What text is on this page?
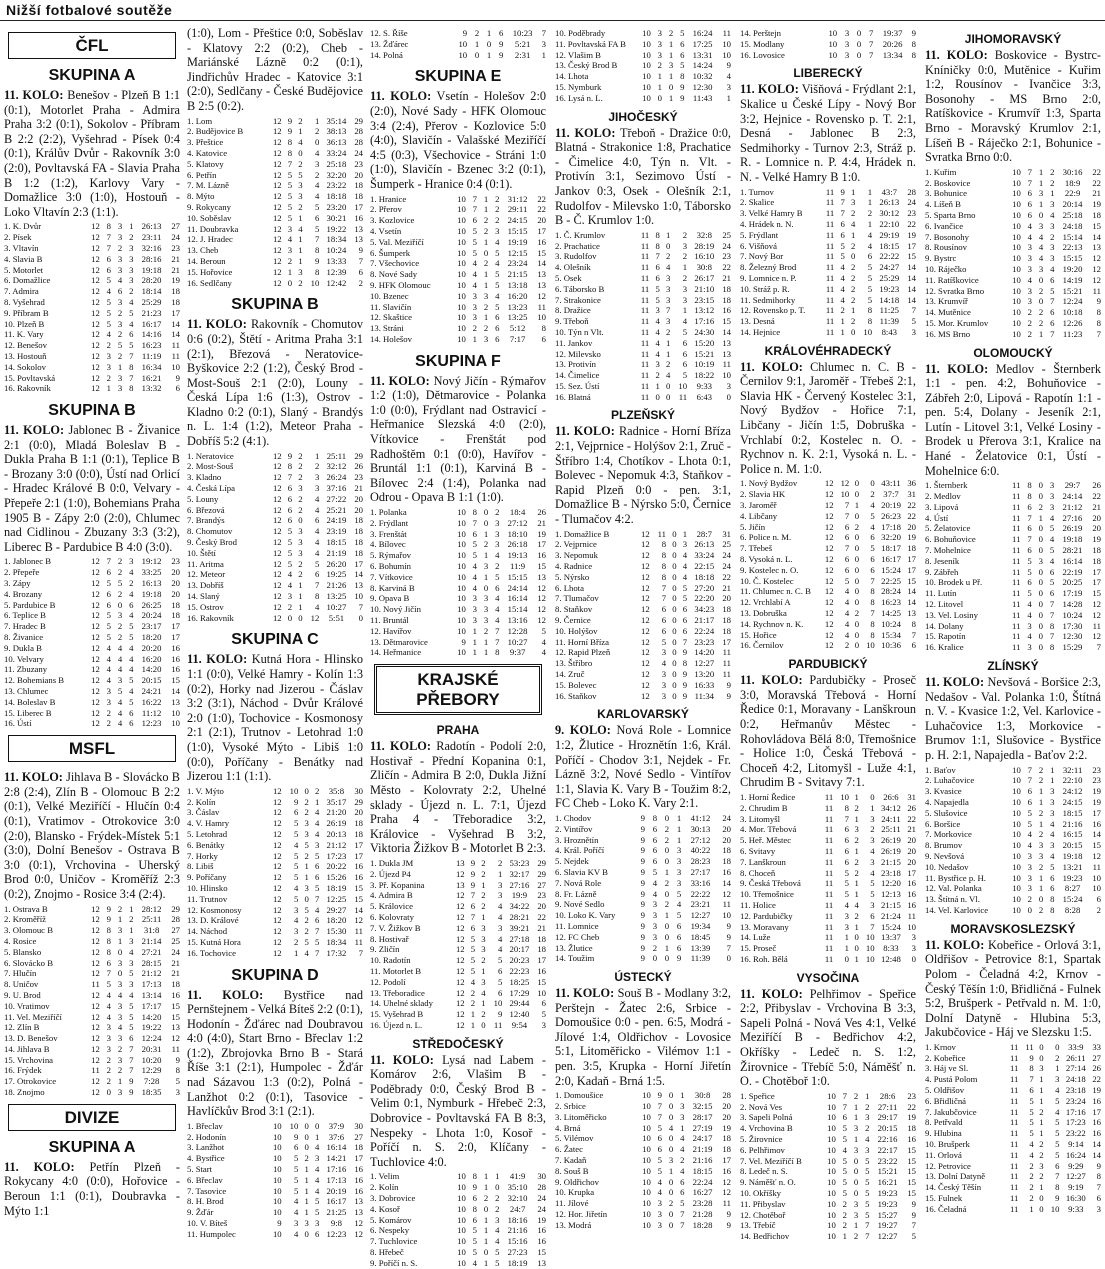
Nižší fotbalové soutěže
ČFL
SKUPINA A
11. KOLO: Benešov - Plzeň B 1:1 (0:1), Motorlet Praha - Admira Praha 3:2 (0:1), Sokolov - Příbram B 2:2 (2:2), Vyšehrad - Písek 0:4 (0:1), Králův Dvůr - Rakovník 3:0 (2:0), Povltavská FA - Slavia Praha B 1:2 (1:2), Karlovy Vary - Domažlice 3:0 (1:0), Hostouň - Loko Vltavín 2:3 (1:1).
1. K. Dvůr	12	8	3	1	26:13	27
2. Písek	12	7	3	2	23:11	24
3. Vltavín	12	7	2	3	32:16	23
4. Slavia B	12	6	3	3	28:16	21
5. Motorlet	12	6	3	3	19:18	21
6. Domažlice	12	5	4	3	28:20	19
7. Admira	12	4	6	2	18:14	18
8. Vyšehrad	12	5	3	4	25:29	18
9. Příbram B	12	5	2	5	21:23	17
10. Plzeň B	12	5	3	4	16:17	14
11. K. Vary	12	4	2	6	14:16	14
12. Benešov	12	2	5	5	16:23	11
13. Hostouň	12	3	2	7	11:19	11
14. Sokolov	12	3	1	8	16:34	10
15. Povltavská	12	2	3	7	16:21	9
16. Rakovník	12	1	3	8	13:32	6
SKUPINA B
11. KOLO: Jablonec B - Živanice 2:1 (0:0), Mladá Boleslav B - Dukla Praha B 1:1 (0:1), Teplice B - Brozany 3:0 (0:0), Ústí nad Orlicí - Hradec Králové B 0:0, Velvary - Přepeře 2:1 (1:0), Bohemians Praha 1905 B - Zápy 2:0 (2:0), Chlumec nad Cidlinou - Zbuzany 3:3 (3:2), Liberec B - Pardubice B 4:0 (3:0).
1. Jablonec B	12	7	2	3	19:12	23
2. Přepeře	12	6	2	4	33:25	20
3. Zápy	12	5	5	2	16:13	20
4. Brozany	12	6	2	4	19:18	20
5. Pardubice B	12	6	0	6	26:25	18
6. Teplice B	12	5	3	4	20:24	18
7. Hradec B	12	5	2	5	23:17	17
8. Živanice	12	5	2	5	18:20	17
9. Dukla B	12	4	4	4	20:20	16
10. Velvary	12	4	4	4	16:20	16
11. Zbuzany	12	4	4	4	14:20	16
12. Bohemians B	12	4	3	5	20:15	15
13. Chlumec	12	3	5	4	24:21	14
14. Boleslav B	12	3	4	5	16:22	13
15. Liberec B	12	2	4	6	11:12	10
16. Ústí	12	2	4	6	12:23	10
MSFL
11. KOLO: Jihlava B - Slovácko B 2:8 (2:4), Zlín B - Olomouc B 2:2 (0:1), Velké Meziříčí - Hlučín 0:4 (0:1), Vratimov - Otrokovice 3:0 (2:0), Blansko - Frýdek-Místek 5:1 (3:0), Dolní Benešov - Ostrava B 3:0 (0:1), Vrchovina - Uherský Brod 0:0, Uničov - Kroměříž 2:3 (0:2), Znojmo - Rosice 3:4 (2:4).
1. Ostrava B	12	9	2	1	28:12	29
2. Kroměříž	12	9	1	2	25:11	28
3. Olomouc B	12	8	3	1	31:8	27
4. Rosice	12	8	1	3	21:14	25
5. Blansko	12	8	0	4	27:21	24
6. Slovácko B	12	6	3	3	28:15	21
7. Hlučín	12	7	0	5	21:12	21
8. Uničov	11	5	3	3	17:13	18
9. U. Brod	12	4	4	4	13:14	16
10. Vratimov	12	4	3	5	17:17	15
11. Vel. Meziříčí	12	4	3	5	14:20	15
12. Zlín B	12	3	4	5	19:22	13
13. D. Benešov	12	3	3	6	12:24	12
14. Jihlava B	12	3	2	7	20:31	11
15. Vrchovina	12	2	3	7	10:20	9
16. Frýdek	11	2	2	7	12:29	8
17. Otrokovice	12	2	1	9	7:28	5
18. Znojmo	12	0	3	9	18:35	3
DIVIZE
SKUPINA A
11. KOLO: Petřín Plzeň - Rokycany 4:0 (0:0), Hořovice - Beroun 1:1 (0:1), Doubravka - Mýto 1:1
(1:0), Lom - Přeštice 0:0, Soběslav - Klatovy 2:2 (0:2), Cheb - Mariánské Lázně 0:2 (0:1), Jindřichův Hradec - Katovice 3:1 (2:0), Sedlčany - České Budějovice B 2:5 (0:2).
1. Lom	12	9	2	1	35:14	29
2. Budějovice B	12	9	1	2	38:13	28
3. Přeštice	12	8	4	0	36:13	28
4. Katovice	12	8	0	4	33:24	24
5. Klatovy	12	7	2	3	25:18	23
6. Petřín	12	5	5	2	32:20	20
7. M. Lázně	12	5	3	4	23:22	18
8. Mýto	12	5	3	4	18:18	18
9. Rokycany	12	5	2	5	23:20	17
10. Soběslav	12	5	1	6	30:21	16
11. Doubravka	12	3	4	5	19:22	13
12. J. Hradec	12	4	1	7	18:34	13
13. Cheb	12	3	1	8	10:24	9
14. Beroun	12	2	1	9	13:33	7
15. Hořovice	12	1	3	8	12:39	6
16. Sedlčany	12	0	2	10	12:42	2
SKUPINA B
11. KOLO: Rakovník - Chomutov 0:6 (0:2), Štětí - Aritma Praha 3:1 (2:1), Březová - Neratovice-Byškovice 2:2 (1:2), Český Brod - Most-Souš 2:1 (2:0), Louny - Česká Lípa 1:6 (1:3), Ostrov - Kladno 0:2 (0:1), Slaný - Brandýs n. L. 1:4 (1:2), Meteor Praha - Dobříš 5:2 (4:1).
1. Neratovice	12	9	2	1	25:11	29
2. Most-Souš	12	8	2	2	32:12	26
3. Kladno	12	7	2	3	26:24	23
4. Česká Lípa	12	6	3	3	37:16	21
5. Louny	12	6	2	4	27:22	20
6. Březová	12	6	2	4	25:21	20
7. Brandýs	12	6	0	6	24:19	18
8. Chomutov	12	5	3	4	23:19	18
9. Český Brod	12	5	3	4	18:15	18
10. Štětí	12	5	3	4	21:19	18
11. Aritma	12	5	2	5	26:20	17
12. Meteor	12	4	2	6	19:25	14
13. Dobříš	12	4	1	7	21:26	13
14. Slaný	12	3	1	8	13:25	10
15. Ostrov	12	2	1	4	10:27	7
16. Rakovník	12	0	0	12	5:51	0
SKUPINA C
11. KOLO: Kutná Hora - Hlinsko 1:1 (0:0), Velké Hamry - Kolín 1:3 (0:2), Horky nad Jizerou - Čáslav 3:2 (3:1), Náchod - Dvůr Králové 2:0 (1:0), Tochovice - Kosmonosy 2:1 (2:1), Trutnov - Letohrad 1:0 (1:0), Vysoké Mýto - Libiš 1:0 (0:0), Poříčany - Benátky nad Jizerou 1:1 (1:1).
1. V. Mýto	12	10	0	2	35:8	30
2. Kolín	12	9	2	1	35:17	29
3. Čáslav	12	6	2	4	21:20	20
4. V. Hamry	12	5	3	4	26:19	18
5. Letohrad	12	5	3	4	20:13	18
6. Benátky	12	4	5	3	21:12	17
7. Horky	12	5	2	5	17:23	17
8. Libiš	12	5	1	6	20:22	16
9. Poříčany	12	5	1	6	15:26	16
10. Hlinsko	12	4	3	5	18:19	15
11. Trutnov	12	5	0	7	12:25	15
12. Kosmonosy	12	3	5	4	29:27	14
13. D. Králové	12	4	2	6	18:20	12
14. Náchod	12	3	2	7	15:30	11
15. Kutná Hora	12	2	5	5	18:34	11
16. Tochovice	12	1	4	7	17:32	7
SKUPINA D
11. KOLO: Bystřice nad Pernštejnem - Velká Bíteš 2:2 (0:1), Hodonín - Žďárec nad Doubravou 4:0 (4:0), Start Brno - Břeclav 1:2 (1:2), Zbrojovka Brno B - Stará Říše 3:1 (2:1), Humpolec - Žďár nad Sázavou 1:3 (0:2), Polná - Lanžhot 0:2 (0:1), Tasovice - Havlíčkův Brod 3:1 (2:1).
1. Břeclav	10	10	0	0	37:9	30
2. Hodonín	10	9	0	1	37:6	27
3. Lanžhot	10	6	0	4	16:14	18
4. Bystřice	10	5	2	3	14:21	17
5. Start	10	5	1	4	17:16	16
6. Břeclav	10	5	1	4	17:13	16
7. Tasovice	10	5	1	4	20:19	16
8. H. Brod	10	4	1	5	16:17	13
9. Žďár	10	4	1	5	21:25	13
10. V. Bíteš	9	3	3	3	9:8	12
11. Humpolec	10	4	0	6	12:23	12
12. S. Říše	9	2	1	6	10:23	7
13. Žďárec	10	1	0	9	5:21	3
14. Polná	10	0	1	9	2:31	1
SKUPINA E
11. KOLO: Vsetín - Holešov 2:0 (2:0), Nové Sady - HFK Olomouc 3:4 (2:4), Přerov - Kozlovice 5:0 (4:0), Slavičín - Valašské Meziříčí 4:5 (0:3), Všechovice - Stráni 1:0 (1:0), Slavičín - Bzenec 3:2 (0:1), Šumperk - Hranice 0:4 (0:1).
1. Hranice	10	7	1	2	31:12	22
2. Přerov	10	7	1	2	29:11	22
3. Kozlovice	10	6	2	2	24:15	20
4. Vsetín	10	5	2	3	15:15	17
5. Val. Meziříčí	10	5	1	4	19:19	16
6. Šumperk	10	5	0	5	12:15	15
7. Všechovice	10	4	2	4	23:24	14
8. Nové Sady	10	4	1	5	21:15	13
9. HFK Olomouc	10	4	1	5	13:18	13
10. Bzenec	10	3	3	4	16:20	12
11. Slavičín	10	3	2	5	13:23	11
12. Skaštice	10	3	1	6	13:25	10
13. Stráni	10	2	2	6	5:12	8
14. Holešov	10	1	3	6	7:17	6
SKUPINA F
11. KOLO: Nový Jičín - Rýmařov 1:2 (1:0), Dětmarovice - Polanka 1:0 (0:0), Frýdlant nad Ostravicí - Heřmanice Slezská 4:0 (2:0), Vítkovice - Frenštát pod Radhoštěm 0:1 (0:0), Havířov - Bruntál 1:1 (0:1), Karviná B - Bílovec 2:4 (1:4), Polanka nad Odrou - Opava B 1:1 (1:0).
1. Polanka	10	8	0	2	18:4	26
2. Frýdlant	10	7	0	3	27:12	21
3. Frenštát	10	6	1	3	18:10	19
4. Bílovec	10	5	2	3	26:18	17
5. Rýmařov	10	5	1	4	19:13	16
6. Bohumín	10	4	3	2	11:9	15
7. Vítkovice	10	4	1	5	15:15	13
8. Karviná B	10	4	0	6	24:14	12
9. Opava B	10	3	3	4	16:14	12
10. Nový Jičín	10	3	3	4	15:14	12
11. Bruntál	10	3	3	4	13:16	12
12. Havířov	10	1	2	7	12:28	5
13. Dětmarovice	9	1	1	7	10:27	4
14. Heřmanice	10	1	1	8	9:37	4
KRAJSKÉ PŘEBORY
PRAHA
11. KOLO: Radotín - Podolí 2:0, Hostivař - Přední Kopanina 0:1, Zličín - Admira B 2:0, Dukla Jižní Město - Kolovraty 2:2, Uhelné sklady - Újezd n. L. 7:1, Újezd Praha 4 - Třeboradice 3:2, Královice - Vyšehrad B 3:2, Viktoria Žižkov B - Motorlet B 2:3.
1. Dukla JM	13	9	2	2	53:23	29
2. Újezd P4	12	9	2	1	32:17	29
3. Př. Kopanina	13	9	1	3	27:16	27
4. Admira B	12	7	2	3	19:9	23
5. Královice	12	6	2	4	34:22	20
6. Kolovraty	12	7	1	4	28:21	22
7. V. Žižkov B	12	6	3	3	39:21	21
8. Hostivař	12	5	3	4	27:18	18
9. Zličín	12	5	3	4	20:17	18
10. Radotín	12	5	2	5	20:23	17
11. Motorlet B	12	5	1	6	22:23	16
12. Podolí	12	4	3	5	18:25	15
13. Třeboradice	12	2	4	6	17:29	10
14. Uhelné sklady	12	2	1	10	29:44	6
15. Vyšehrad B	12	1	2	9	12:40	5
16. Újezd n. L.	12	1	0	11	9:54	3
STŘEDOČESKÝ
11. KOLO: Lysá nad Labem - Komárov 2:6, Vlašim B - Poděbrady 0:0, Český Brod B - Velim 0:1, Nymburk - Hřebeč 2:3, Dobrovice - Povltavská FA B 8:3, Nespeky - Lhota 1:0, Kosoř - Poříčí n. S. 2:0, Klíčany - Tuchlovice 4:0.
1. Velim	10	8	1	1	41:9	30
2. Kolín	10	9	1	0	35:10	28
3. Dobrovice	10	6	2	2	32:10	24
4. Kosoř	10	8	0	2	24:7	24
5. Komárov	10	6	1	3	18:16	19
6. Nespeky	10	5	1	4	21:16	16
7. Tuchlovice	10	5	1	4	15:16	16
8. Hřebeč	10	5	0	5	27:23	15
9. Poříčí n. S.	10	4	1	5	18:19	13
10. Poděbrady	10	3	2	5	16:24	11
11. Povltavská FA B	10	3	1	6	17:25	10
12. Vlašim B	10	3	1	6	13:31	10
13. Český Brod B	10	2	3	5	14:24	9
14. Lhota	10	1	1	8	10:32	4
15. Nymburk	10	1	0	9	12:30	3
16. Lysá n. L.	10	0	1	9	11:43	1
JIHOČESKÝ
11. KOLO: Třeboň - Dražice 0:0, Blatná - Strakonice 1:8, Prachatice - Čimelice 4:0, Týn n. Vlt. - Protivín 3:1, Sezimovo Ústí - Jankov 0:3, Osek - Olešník 2:1, Rudolfov - Milevsko 1:0, Táborsko B - Č. Krumlov 1:0.
1. Č. Krumlov	11	8	1	2	32:8	25
2. Prachatice	11	8	0	3	28:19	24
3. Rudolfov	11	7	2	2	16:10	23
4. Olešník	11	6	4	1	30:8	22
5. Osek	11	6	3	2	26:17	21
6. Táborsko B	11	5	3	3	21:10	18
7. Strakonice	11	5	3	3	23:15	18
8. Dražice	11	3	7	1	13:12	16
9. Třeboň	11	4	3	4	17:16	15
10. Týn n Vlt.	11	4	2	5	24:30	14
11. Jankov	11	4	1	6	15:20	13
12. Milevsko	11	4	1	6	15:21	13
13. Protivín	11	3	2	6	10:19	11
14. Čimelice	11	2	4	5	18:22	10
15. Sez. Ústí	11	1	0	10	9:33	3
16. Blatná	11	0	0	11	6:43	0
PLZEŇSKÝ
11. KOLO: Radnice - Horní Bříza 2:1, Vejprnice - Holýšov 2:1, Zruč - Štříbro 1:4, Chotíkov - Lhota 0:1, Bolevec - Nepomuk 4:3, Staňkov - Rapid Plzeň 0:0 - pen. 3:1, Domažlice B - Nýrsko 5:0, Černice - Tlumačov 4:2.
1. Domažlice B	12	11	0	1	28:7	31
2. Vejprnice	12	8	0	3	26:13	25
3. Nepomuk	12	8	0	4	33:24	24
4. Radnice	12	8	0	4	22:15	24
5. Nýrsko	12	8	0	4	18:18	22
6. Lhota	12	7	0	5	27:20	21
7. Tlumačov	12	7	0	5	22:20	20
8. Staňkov	12	6	0	6	34:23	18
9. Černice	12	6	0	6	21:17	18
10. Holýšov	12	6	0	6	22:24	18
11. Horní Bříza	12	5	0	7	23:23	17
12. Rapid Plzeň	12	3	0	9	14:20	11
13. Štříbro	12	4	0	8	12:27	11
14. Zruč	12	3	0	9	13:20	11
15. Bolevec	12	3	0	9	16:33	9
16. Staňkov	12	3	0	9	11:34	9
KARLOVARSKÝ
9. KOLO: Nová Role - Lomnice 1:2, Žlutice - Hroznětín 1:6, Král. Poříčí - Chodov 3:1, Nejdek - Fr. Lázně 3:2, Nové Sedlo - Vintířov 1:1, Slavia K. Vary B - Toužim 8:2, FC Cheb - Loko K. Vary 2:1.
1. Chodov	9	8	0	1	41:12	24
2. Vintířov	9	6	2	1	30:13	20
3. Hroznětín	9	6	2	1	27:12	20
4. Král. Poříčí	9	6	0	3	40:22	18
5. Nejdek	9	6	0	3	28:23	18
6. Slavia KV B	9	5	1	3	27:17	16
7. Nová Role	9	4	2	3	33:16	14
8. Fr. Lázně	9	4	0	5	22:22	12
9. Nové Sedlo	9	3	2	4	23:21	11
10. Loko K. Vary	9	3	1	5	12:27	10
11. Lomnice	9	3	0	6	19:34	9
12. FC Cheb	9	3	0	6	18:45	9
13. Žlutice	9	2	1	6	13:39	7
14. Toužim	9	0	0	9	11:39	0
ÚSTECKÝ
11. KOLO: Souš B - Modlany 3:2, Perštejn - Žatec 2:6, Srbice - Domoušice 0:0 - pen. 6:5, Modrá - Jílové 1:4, Oldřichov - Lovosice 5:1, Litoměřicko - Vilémov 1:1 - pen. 3:5, Krupka - Horní Jiřetín 2:0, Kadaň - Brná 1:5.
1. Domoušice	10	9	0	1	30:8	28
2. Srbice	10	7	0	3	32:15	20
3. Litoměřicko	10	7	0	3	28:17	20
4. Brná	10	5	4	1	27:19	19
5. Vilémov	10	6	0	4	24:17	18
6. Žatec	10	6	0	4	21:19	18
7. Kadaň	10	5	3	2	21:16	17
8. Souš B	10	5	1	4	18:15	16
9. Oldřichov	10	4	0	6	22:24	12
10. Krupka	10	4	0	6	16:27	12
11. Jílové	10	3	2	5	23:28	11
12. Hor. Jiřetín	10	3	0	7	21:28	9
13. Modrá	10	3	0	7	18:28	9
14. Perštejn	10	3	0	7	19:37	9
15. Modlany	10	3	0	7	20:26	8
16. Lovosice	10	3	0	7	13:34	8
LIBERECKÝ
11. KOLO: Višňová - Frýdlant 2:1, Skalice u České Lípy - Nový Bor 3:2, Hejnice - Rovensko p. T. 2:1, Desná - Jablonec B 2:3, Sedmihorky - Turnov 2:3, Stráž p. R. - Lomnice n. P. 4:4, Hrádek n. N. - Velké Hamry B 1:0.
1. Turnov	11	9	1	1	43:7	28
2. Skalice	11	7	3	1	26:13	24
3. Velké Hamry B	11	7	2	2	30:12	23
4. Hrádek n. N.	11	6	4	1	22:10	22
5. Frýdlant	11	6	1	4	29:19	19
6. Višňová	11	5	2	4	18:15	17
7. Nový Bor	11	5	0	6	22:22	15
8. Železný Brod	11	4	2	5	24:27	14
9. Lomnice n. P.	11	4	2	5	25:29	14
10. Stráž p. R.	11	4	2	5	19:23	14
11. Sedmihorky	11	4	2	5	14:18	14
12. Rovensko p. T.	11	2	1	8	11:25	7
13. Desná	11	1	2	8	11:39	5
14. Hejnice	11	1	0	10	8:43	3
KRÁLOVÉHRADECKÝ
11. KOLO: Chlumec n. C. B - Černilov 9:1, Jaroměř - Třebeš 2:1, Slavia HK - Červený Kostelec 3:1, Nový Bydžov - Hořice 7:1, Libčany - Jičín 1:5, Dobruška - Vrchlabí 0:2, Kostelec n. O. - Rychnov n. K. 2:1, Vysoká n. L. - Police n. M. 1:0.
1. Nový Bydžov	12	12	0	0	43:11	36
2. Slavia HK	12	10	0	2	37:7	31
3. Jaroměř	12	7	1	4	20:19	22
4. Libčany	12	7	0	5	26:23	22
5. Jičín	12	6	2	4	17:18	20
6. Police n. M.	12	6	0	6	32:20	19
7. Třebeš	12	7	0	5	18:17	18
8. Vysoká n. L.	12	6	0	6	16:17	17
9. Kostelec n. O.	12	6	0	6	15:24	17
10. Č. Kostelec	12	5	0	7	22:25	15
11. Chlumec n. C. B	12	4	0	8	28:24	14
12. Vrchlabí A	12	4	0	8	16:23	14
13. Dobruška	12	4	2	7	14:25	13
14. Rychnov n. K.	12	4	0	8	10:24	8
15. Hořice	12	4	0	8	15:34	7
16. Černilov	12	2	0	10	10:36	6
PARDUBICKÝ
11. KOLO: Pardubičky - Proseč 3:0, Moravská Třebová - Horní Ředice 0:1, Moravany - Lanškroun 0:2, Heřmanův Městec - Rohovládova Bělá 8:0, Třemošnice - Holice 1:0, Česká Třebová - Choceň 4:2, Litomyšl - Luže 4:1, Chrudim B - Svitavy 7:1.
1. Horní Ředice	11	10	1	0	26:6	31
2. Chrudim B	11	8	2	1	34:12	26
3. Litomyšl	11	7	1	3	24:11	22
4. Mor. Třebová	11	6	3	2	25:11	21
5. Heř. Městec	11	6	2	3	26:19	20
6. Svitavy	11	6	1	4	26:19	20
7. Lanškroun	11	6	2	3	21:15	20
8. Choceň	11	5	2	4	23:18	17
9. Česká Třebová	11	5	1	5	12:20	16
10. Třemošnice	11	5	1	5	12:13	16
11. Holice	11	4	4	3	21:15	16
12. Pardubičky	11	3	2	6	21:24	11
13. Moravany	11	3	1	7	15:24	10
14. Luže	11	1	0	10	13:37	3
15. Proseč	11	1	0	10	8:33	3
16. Roh. Bělá	11	0	1	10	12:48	0
VYSOČINA
11. KOLO: Pelhřimov - Speřice 2:2, Přibyslav - Vrchovina B 3:3, Sapeli Polná - Nová Ves 4:1, Velké Meziříčí B - Bedřichov 4:2, Okříšky - Ledeč n. S. 1:2, Žirovnice - Třebíč 5:0, Náměšť n. O. - Chotěboř 1:0.
1. Speřice	10	7	2	1	28:6	23
2. Nová Ves	10	7	1	2	27:11	22
3. Sapeli Polná	10	6	1	3	29:17	19
4. Vrchovina B	10	5	3	2	20:15	18
5. Žirovnice	10	5	1	4	22:16	16
6. Pelhřimov	10	4	3	3	22:17	15
7. Vel. Meziříčí B	10	5	0	5	23:22	15
8. Ledeč n. S.	10	5	0	5	15:21	15
9. Náměšť n. O.	10	5	0	5	16:21	15
10. Okříšky	10	5	0	5	19:23	15
11. Přibyslav	10	2	3	5	19:23	9
12. Chotěboř	10	2	3	5	15:27	9
13. Třebíč	10	2	1	7	19:27	7
14. Bedřichov	10	1	2	7	12:27	5
JIHOMORAVSKÝ
11. KOLO: Boskovice - Bystrc-Kníničky 0:0, Mutěnice - Kuřim 1:2, Rousínov - Ivančice 3:3, Bosonohy - MS Brno 2:0, Ratíškovice - Krumvíř 1:3, Sparta Brno - Moravský Krumlov 2:1, Líšeň B - Ráječko 2:1, Bohunice - Svratka Brno 0:0.
1. Kuřim	10	7	1	2	30:16	22
2. Boskovice	10	7	1	2	18:9	22
3. Bohunice	10	6	3	1	22:9	21
4. Líšeň B	10	6	1	3	20:14	19
5. Sparta Brno	10	6	0	4	25:18	18
6. Ivančice	10	4	3	3	24:18	15
7. Bosonohy	10	4	4	2	15:14	14
8. Rousínov	10	3	4	3	22:13	13
9. Bystrc	10	3	4	3	15:15	12
10. Ráječko	10	3	3	4	19:20	12
11. Ratíškovice	10	4	0	6	14:19	12
12. Svratka Brno	10	3	2	5	15:21	11
13. Krumvíř	10	3	0	7	12:24	9
14. Mutěnice	10	2	2	6	10:18	8
15. Mor. Krumlov	10	2	2	6	12:26	8
16. MS Brno	10	2	1	7	11:23	7
OLOMOUCKÝ
11. KOLO: Medlov - Šternberk 1:1 - pen. 4:2, Bohuňovice - Zábřeh 2:0, Lipová - Rapotín 1:1 - pen. 5:4, Dolany - Jeseník 2:1, Lutín - Litovel 3:1, Velké Losiny - Brodek u Přerova 3:1, Kralice na Hané - Želatovice 0:1, Ústí - Mohelnice 6:0.
1. Šternberk	11	8	0	3	29:7	26
2. Medlov	11	8	0	3	24:14	22
3. Lipová	11	6	2	3	21:12	21
4. Ústí	11	7	1	4	27:16	20
5. Želatovice	11	6	0	5	26:19	20
6. Bohuňovice	11	7	0	4	19:18	19
7. Mohelnice	11	6	0	5	28:21	18
8. Jeseník	11	5	3	4	16:14	18
9. Zábřeh	11	5	0	6	22:19	17
10. Brodek u Př.	11	6	0	5	20:25	17
11. Lutín	11	5	0	6	17:19	15
12. Litovel	11	4	0	7	14:28	12
13. Vel. Losiny	11	4	0	7	10:24	12
14. Dolany	11	3	0	8	17:30	11
15. Rapotín	11	4	0	7	12:30	12
16. Kralice	11	3	0	8	15:29	7
ZLÍNSKÝ
11. KOLO: Nevšová - Boršice 2:3, Nedašov - Val. Polanka 1:0, Štítná n. V. - Kvasice 1:2, Vel. Karlovice - Luhačovice 1:3, Morkovice - Brumov 1:1, Slušovice - Bystřice p. H. 2:1, Napajedla - Baťov 2:2.
1. Baťov	10	7	2	1	32:11	23
2. Luhačovice	10	7	2	1	22:10	23
3. Kvasice	10	6	1	3	24:12	19
4. Napajedla	10	6	1	3	24:15	19
5. Slušovice	10	5	2	3	18:15	17
6. Boršice	10	5	1	4	21:16	16
7. Morkovice	10	4	2	4	16:15	14
8. Brumov	10	4	3	3	20:15	15
9. Nevšová	10	3	3	4	19:18	12
10. Nedašov	10	3	2	5	13:21	11
11. Bystřice p. H.	10	3	1	6	19:23	10
12. Val. Polanka	10	3	1	6	8:27	10
13. Štítná n. Vl.	10	2	0	8	15:24	6
14. Vel. Karlovice	10	0	2	8	8:28	2
MORAVSKOSLEZSKÝ
11. KOLO: Kobeřice - Orlová 3:1, Oldřišov - Petrovice 8:1, Spartak Polom - Čeladná 4:2, Krnov - Český Těšín 1:0, Břidličná - Fulnek 5:2, Brušperk - Petřvald n. M. 1:0, Dolní Datyně - Hlubina 5:3, Jakubčovice - Háj ve Slezsku 1:5.
1. Krnov	11	11	0	0	33:9	33
2. Kobeřice	11	9	0	2	26:11	27
3. Háj ve Sl.	11	8	3	1	27:14	26
4. Pustá Polom	11	7	1	3	24:18	22
5. Oldřišov	11	6	1	4	23:18	19
6. Břidličná	11	5	1	5	23:24	16
7. Jakubčovice	11	5	2	4	17:16	17
8. Petřvald	11	5	1	5	17:23	16
9. Hlubina	11	5	1	5	23:22	16
10. Brušperk	11	4	2	5	9:14	14
11. Orlová	11	4	2	5	16:24	14
12. Petrovice	11	2	3	6	9:29	9
13. Dolní Datyně	11	2	2	7	12:27	8
14. Český Těšín	11	2	1	8	9:19	7
15. Fulnek	11	2	0	9	16:30	6
16. Čeladná	11	1	0	10	9:33	3
